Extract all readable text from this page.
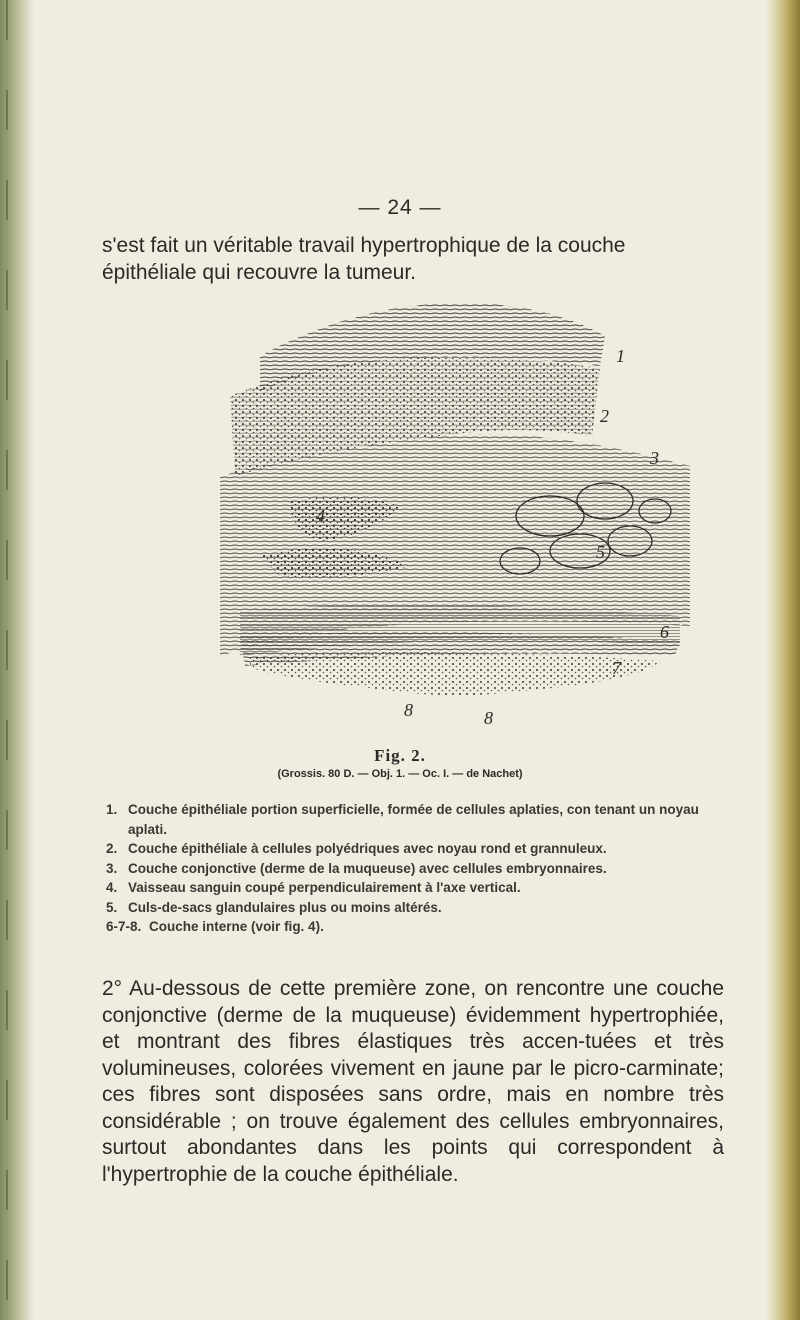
— 24 —

s'est fait un véritable travail hypertrophique de la couche épithéliale qui recouvre la tumeur.

1
2
3
4
5
6
7
8	8
Fig. 2.
(Grossis. 80 D. — Obj. 1. — Oc. I. — de Nachet)
1. Couche épithéliale portion superficielle, formée de cellules aplaties, con tenant un noyau aplati.
2. Couche épithéliale à cellules polyédriques avec noyau rond et grannuleux.
3. Couche conjonctive (derme de la muqueuse) avec cellules embryonnaires.
4. Vaisseau sanguin coupé perpendiculairement à l'axe vertical.
5. Culs-de-sacs glandulaires plus ou moins altérés.
6-7-8. Couche interne (voir fig. 4).

2° Au-dessous de cette première zone, on rencontre une couche conjonctive (derme de la muqueuse) évidemment hypertrophiée, et montrant des fibres élastiques très accen-tuées et très volumineuses, colorées vivement en jaune par le picro-carminate; ces fibres sont disposées sans ordre, mais en nombre très considérable ; on trouve également des cellules embryonnaires, surtout abondantes dans les points qui correspondent à l'hypertrophie de la couche épithéliale.
